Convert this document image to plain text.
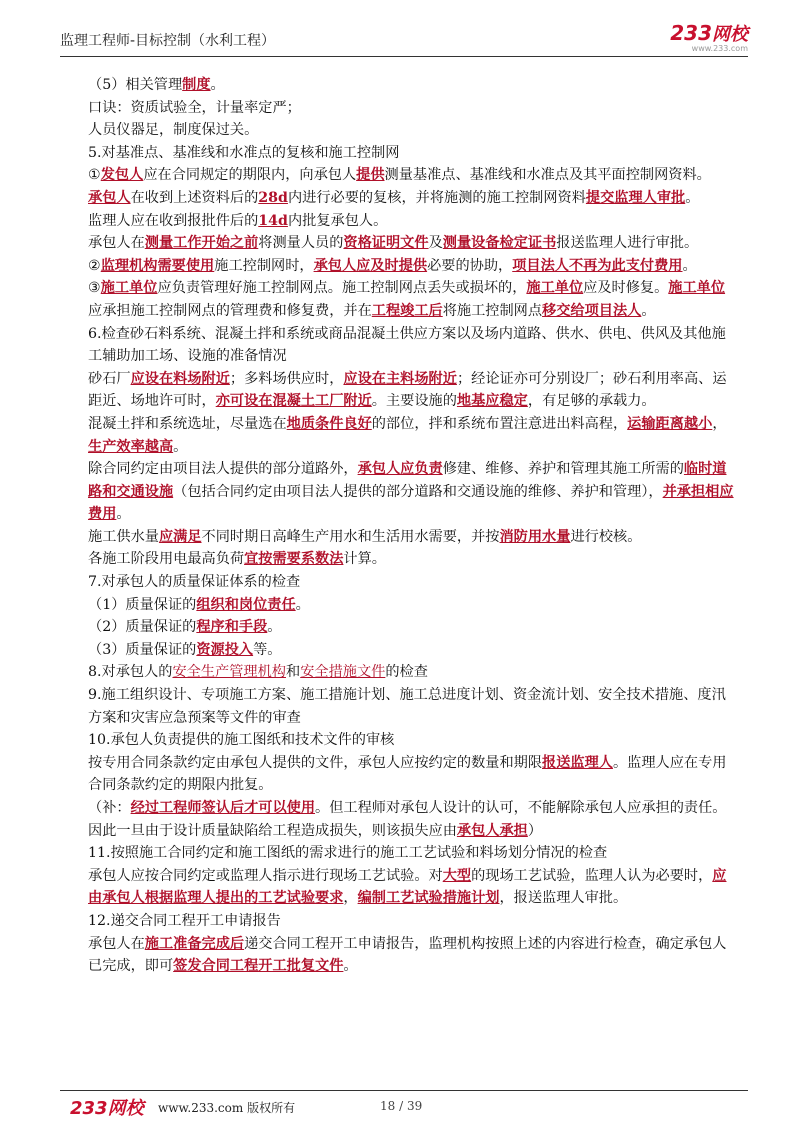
监理工程师-目标控制（水利工程）	233网校
www.233.com

（5）相关管理制度。

口诀：资质试验全，计量率定严；

人员仪器足，制度保过关。

5.对基准点、基准线和水准点的复核和施工控制网

①发包人应在合同规定的期限内，向承包人提供测量基准点、基准线和水准点及其平面控制网资料。

承包人在收到上述资料后的28d内进行必要的复核，并将施测的施工控制网资料提交监理人审批。

监理人应在收到报批件后的14d内批复承包人。

承包人在测量工作开始之前将测量人员的资格证明文件及测量设备检定证书报送监理人进行审批。

②监理机构需要使用施工控制网时，承包人应及时提供必要的协助，项目法人不再为此支付费用。

③施工单位应负责管理好施工控制网点。施工控制网点丢失或损坏的，施工单位应及时修复。施工单位应承担施工控制网点的管理费和修复费，并在工程竣工后将施工控制网点移交给项目法人。

6.检查砂石料系统、混凝土拌和系统或商品混凝土供应方案以及场内道路、供水、供电、供风及其他施工辅助加工场、设施的准备情况

砂石厂应设在料场附近；多料场供应时，应设在主料场附近；经论证亦可分别设厂；砂石利用率高、运距近、场地许可时，亦可设在混凝土工厂附近。主要设施的地基应稳定，有足够的承载力。

混凝土拌和系统选址，尽量选在地质条件良好的部位，拌和系统布置注意进出料高程，运输距离越小，生产效率越高。

除合同约定由项目法人提供的部分道路外，承包人应负责修建、维修、养护和管理其施工所需的临时道路和交通设施（包括合同约定由项目法人提供的部分道路和交通设施的维修、养护和管理），并承担相应费用。

施工供水量应满足不同时期日高峰生产用水和生活用水需要，并按消防用水量进行校核。

各施工阶段用电最高负荷宜按需要系数法计算。

7.对承包人的质量保证体系的检查

（1）质量保证的组织和岗位责任。

（2）质量保证的程序和手段。

（3）质量保证的资源投入等。

8.对承包人的安全生产管理机构和安全措施文件的检查

9.施工组织设计、专项施工方案、施工措施计划、施工总进度计划、资金流计划、安全技术措施、度汛方案和灾害应急预案等文件的审查

10.承包人负责提供的施工图纸和技术文件的审核

按专用合同条款约定由承包人提供的文件，承包人应按约定的数量和期限报送监理人。监理人应在专用合同条款约定的期限内批复。

（补：经过工程师签认后才可以使用。但工程师对承包人设计的认可，不能解除承包人应承担的责任。因此一旦由于设计质量缺陷给工程造成损失，则该损失应由承包人承担）

11.按照施工合同约定和施工图纸的需求进行的施工工艺试验和料场划分情况的检查

承包人应按合同约定或监理人指示进行现场工艺试验。对大型的现场工艺试验，监理人认为必要时，应由承包人根据监理人提出的工艺试验要求，编制工艺试验措施计划，报送监理人审批。

12.递交合同工程开工申请报告

承包人在施工准备完成后递交合同工程开工申请报告，监理机构按照上述的内容进行检查，确定承包人已完成，即可签发合同工程开工批复文件。

233网校 www.233.com 版权所有	18 / 39
